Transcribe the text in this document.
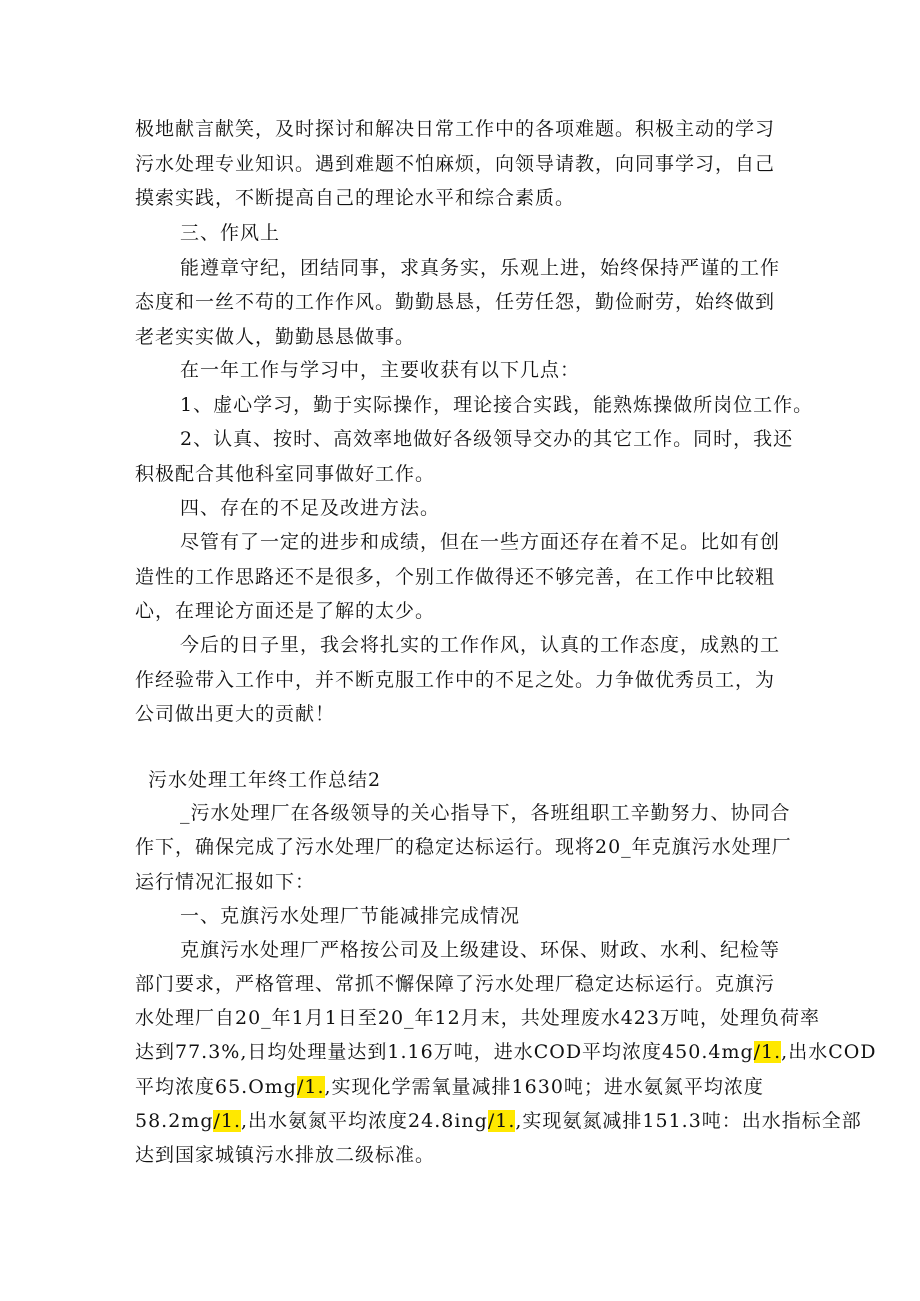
极地献言献笑，及时探讨和解决日常工作中的各项难题。积极主动的学习
污水处理专业知识。遇到难题不怕麻烦，向领导请教，向同事学习，自己
摸索实践，不断提高自己的理论水平和综合素质。
三、作风上
能遵章守纪，团结同事，求真务实，乐观上进，始终保持严谨的工作
态度和一丝不苟的工作作风。勤勤恳恳，任劳任怨，勤俭耐劳，始终做到
老老实实做人，勤勤恳恳做事。
在一年工作与学习中，主要收获有以下几点：
1、虚心学习，勤于实际操作，理论接合实践，能熟炼操做所岗位工作。
2、认真、按时、高效率地做好各级领导交办的其它工作。同时，我还
积极配合其他科室同事做好工作。
四、存在的不足及改进方法。
尽管有了一定的进步和成绩，但在一些方面还存在着不足。比如有创
造性的工作思路还不是很多，个别工作做得还不够完善，在工作中比较粗
心，在理论方面还是了解的太少。
今后的日子里，我会将扎实的工作作风，认真的工作态度，成熟的工
作经验带入工作中，并不断克服工作中的不足之处。力争做优秀员工，为
公司做出更大的贡献！
污水处理工年终工作总结2
_污水处理厂在各级领导的关心指导下，各班组职工辛勤努力、协同合
作下，确保完成了污水处理厂的稳定达标运行。现将20_年克旗污水处理厂
运行情况汇报如下：
一、克旗污水处理厂节能减排完成情况
克旗污水处理厂严格按公司及上级建设、环保、财政、水利、纪检等
部门要求，严格管理、常抓不懈保障了污水处理厂稳定达标运行。克旗污
水处理厂自20_年1月1日至20_年12月末，共处理废水423万吨，处理负荷率
达到77.3%,日均处理量达到1.16万吨，进水COD平均浓度450.4mg/1.,出水COD
平均浓度65.Omg/1.,实现化学需氧量减排1630吨；进水氨氮平均浓度
58.2mg/1.,出水氨氮平均浓度24.8ing/1.,实现氨氮减排151.3吨：出水指标全部
达到国家城镇污水排放二级标准。
